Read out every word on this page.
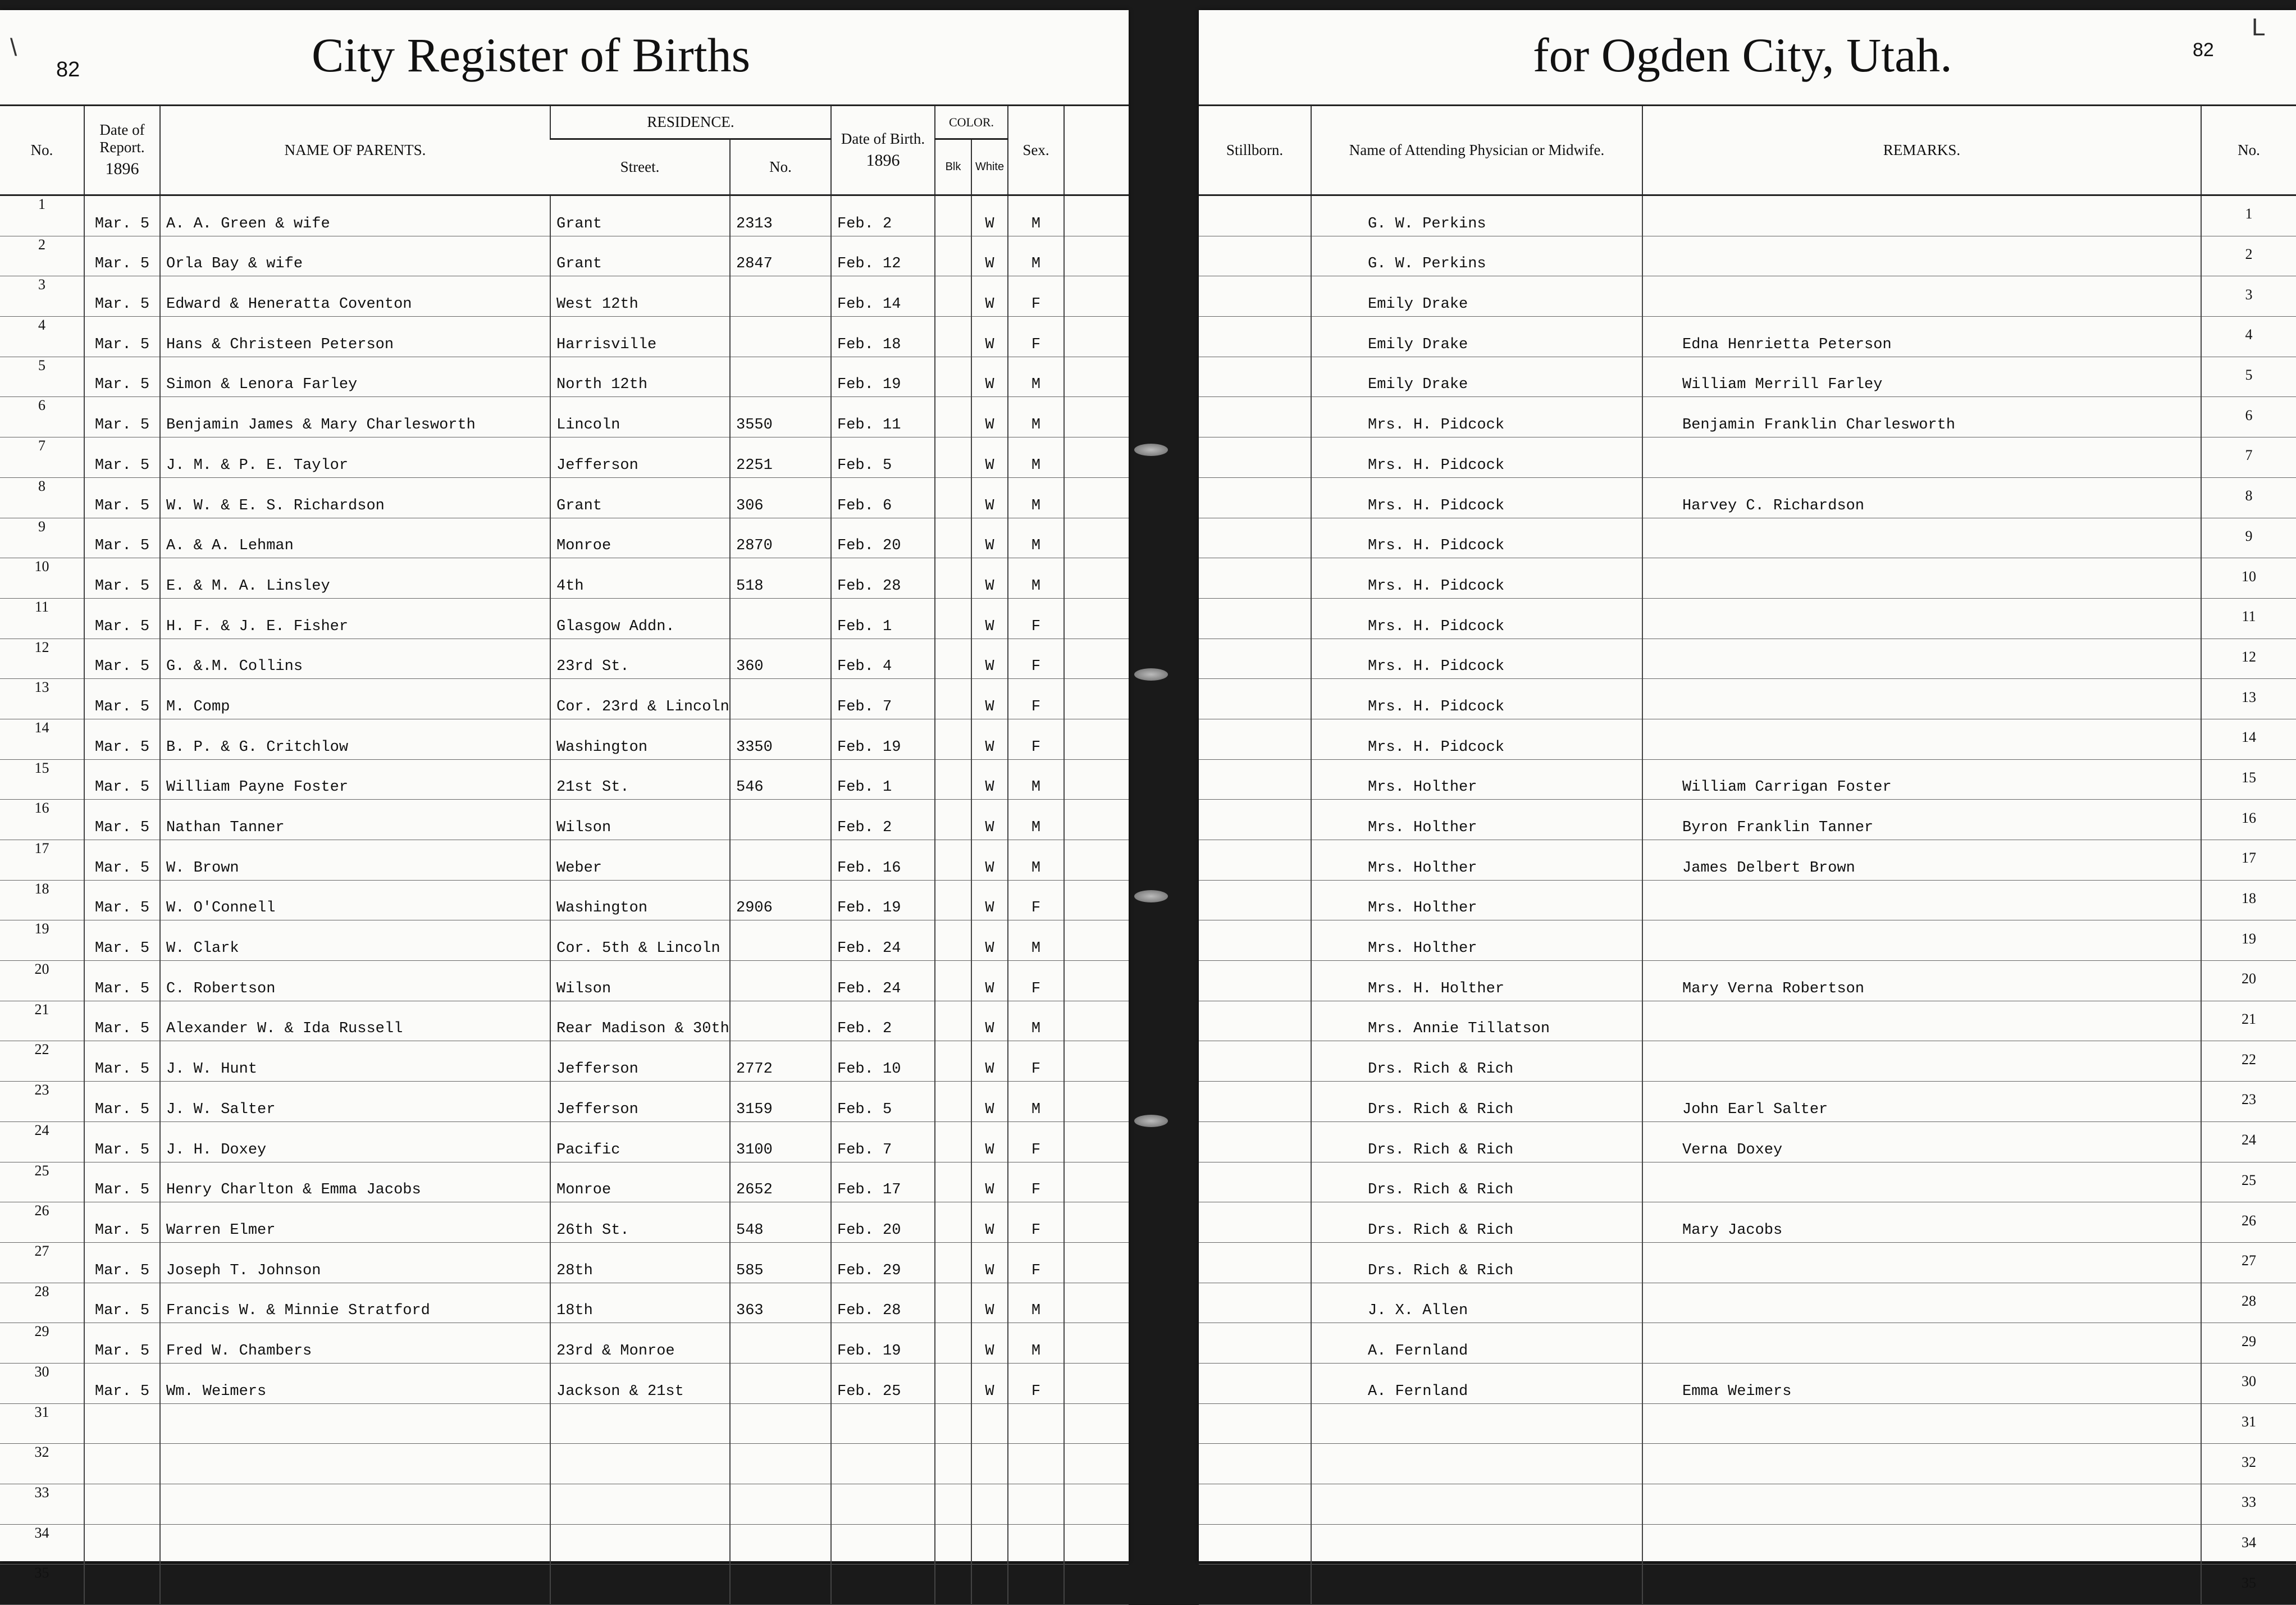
\
82	City Register of Births
No.	Date of Report.
1896	NAME OF PARENTS.	RESIDENCE.		Date of Birth.
1896	COLOR.		Sex.	
			Street.	No.		Blk	White		
1	Mar. 5	A. A. Green & wife	Grant	2313	Feb. 2		W	M	
2	Mar. 5	Orla Bay & wife	Grant	2847	Feb. 12		W	M	
3	Mar. 5	Edward & Heneratta Coventon	West 12th		Feb. 14		W	F	
4	Mar. 5	Hans & Christeen Peterson	Harrisville		Feb. 18		W	F	
5	Mar. 5	Simon & Lenora Farley	North 12th		Feb. 19		W	M	
6	Mar. 5	Benjamin James & Mary Charlesworth	Lincoln	3550	Feb. 11		W	M	
7	Mar. 5	J. M. & P. E. Taylor	Jefferson	2251	Feb. 5		W	M	
8	Mar. 5	W. W. & E. S. Richardson	Grant	306	Feb. 6		W	M	
9	Mar. 5	A. & A. Lehman	Monroe	2870	Feb. 20		W	M	
10	Mar. 5	E. & M. A. Linsley	4th	518	Feb. 28		W	M	
11	Mar. 5	H. F. & J. E. Fisher	Glasgow Addn.		Feb. 1		W	F	
12	Mar. 5	G. &.M. Collins	23rd St.	360	Feb. 4		W	F	
13	Mar. 5	M. Comp	Cor. 23rd & Lincoln		Feb. 7		W	F	
14	Mar. 5	B. P. & G. Critchlow	Washington	3350	Feb. 19		W	F	
15	Mar. 5	William Payne Foster	21st St.	546	Feb. 1		W	M	
16	Mar. 5	Nathan Tanner	Wilson		Feb. 2		W	M	
17	Mar. 5	W. Brown	Weber		Feb. 16		W	M	
18	Mar. 5	W. O'Connell	Washington	2906	Feb. 19		W	F	
19	Mar. 5	W. Clark	Cor. 5th & Lincoln		Feb. 24		W	M	
20	Mar. 5	C. Robertson	Wilson		Feb. 24		W	F	
21	Mar. 5	Alexander W. & Ida Russell	Rear Madison & 30th		Feb. 2		W	M	
22	Mar. 5	J. W. Hunt	Jefferson	2772	Feb. 10		W	F	
23	Mar. 5	J. W. Salter	Jefferson	3159	Feb. 5		W	M	
24	Mar. 5	J. H. Doxey	Pacific	3100	Feb. 7		W	F	
25	Mar. 5	Henry Charlton & Emma Jacobs	Monroe	2652	Feb. 17		W	F	
26	Mar. 5	Warren Elmer	26th St.	548	Feb. 20		W	F	
27	Mar. 5	Joseph T. Johnson	28th	585	Feb. 29		W	F	
28	Mar. 5	Francis W. & Minnie Stratford	18th	363	Feb. 28		W	M	
29	Mar. 5	Fred W. Chambers	23rd & Monroe		Feb. 19		W	M	
30	Mar. 5	Wm. Weimers	Jackson & 21st		Feb. 25		W	F	
31									
32									
33									
34									
35									
L
for Ogden City, Utah.	82
Stillborn.	Name of Attending Physician or Midwife.	REMARKS.	No.
	G. W. Perkins		1
	G. W. Perkins		2
	Emily Drake		3
	Emily Drake	Edna Henrietta Peterson	4
	Emily Drake	William Merrill Farley	5
	Mrs. H. Pidcock	Benjamin Franklin Charlesworth	6
	Mrs. H. Pidcock		7
	Mrs. H. Pidcock	Harvey C. Richardson	8
	Mrs. H. Pidcock		9
	Mrs. H. Pidcock		10
	Mrs. H. Pidcock		11
	Mrs. H. Pidcock		12
	Mrs. H. Pidcock		13
	Mrs. H. Pidcock		14
	Mrs. Holther	William Carrigan Foster	15
	Mrs. Holther	Byron Franklin Tanner	16
	Mrs. Holther	James Delbert Brown	17
	Mrs. Holther		18
	Mrs. Holther		19
	Mrs. H. Holther	Mary Verna Robertson	20
	Mrs. Annie Tillatson		21
	Drs. Rich & Rich		22
	Drs. Rich & Rich	John Earl Salter	23
	Drs. Rich & Rich	Verna Doxey	24
	Drs. Rich & Rich		25
	Drs. Rich & Rich	Mary Jacobs	26
	Drs. Rich & Rich		27
	J. X. Allen		28
	A. Fernland		29
	A. Fernland	Emma Weimers	30
			31
			32
			33
			34
			35
